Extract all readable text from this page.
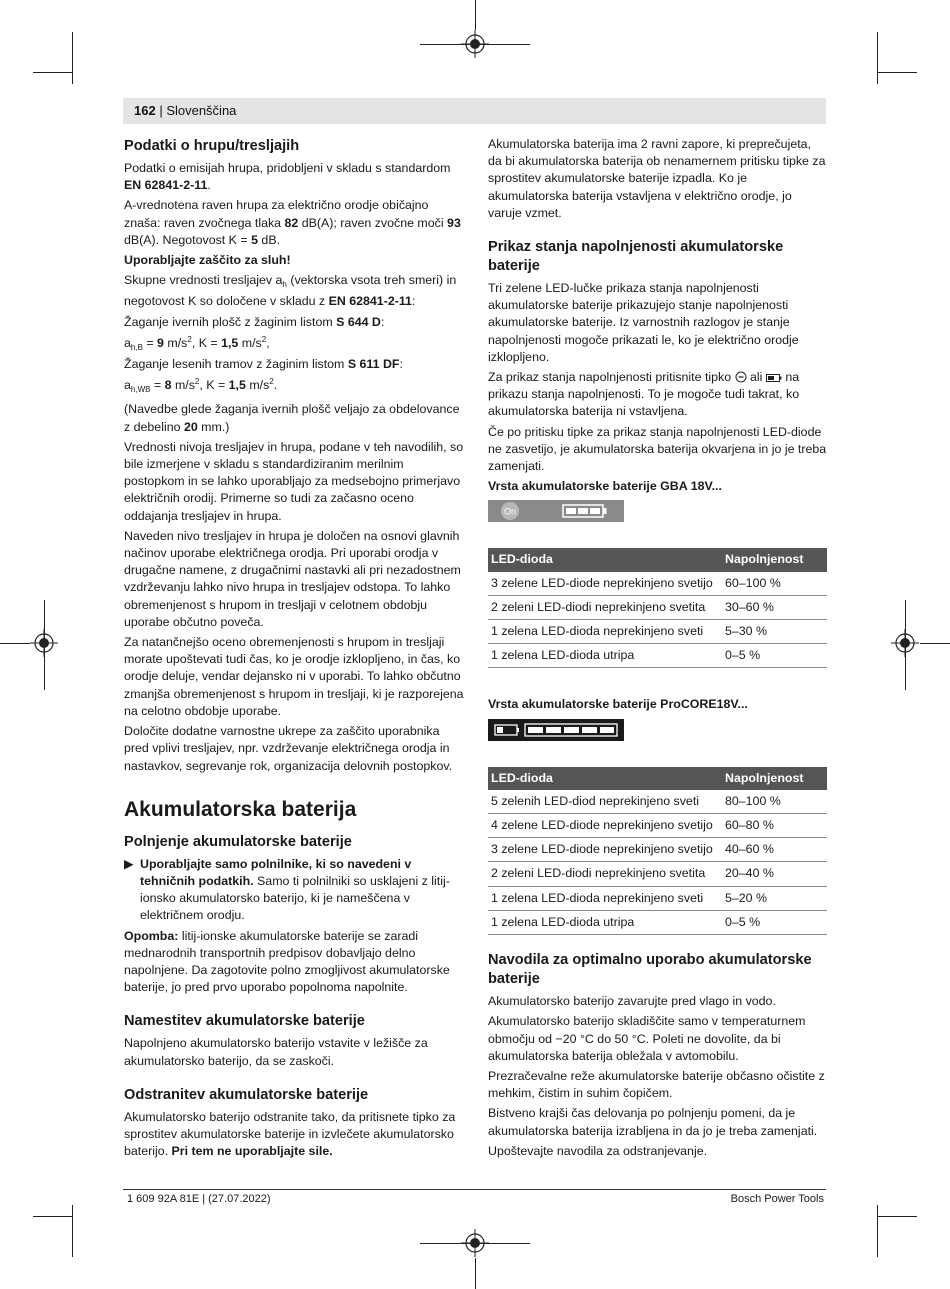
162 | Slovenščina
Podatki o hrupu/tresljajih

Podatki o emisijah hrupa, pridobljeni v skladu s standardom EN 62841-2-11.

A-vrednotena raven hrupa za električno orodje običajno znaša: raven zvočnega tlaka 82 dB(A); raven zvočne moči 93 dB(A). Negotovost K = 5 dB.

Uporabljajte zaščito za sluh!

Skupne vrednosti tresljajev $a_h$ (vektorska vsota treh smeri) in negotovost K so določene v skladu z EN 62841-2-11:

Žaganje ivernih plošč z žaginim listom S 644 D:
$a_{h,B} = 9$ $m/s^2$, K = 1,5 $m/s^2$,
Žaganje lesenih tramov z žaginim listom S 611 DF:
$a_{h,WB} = 8$ $m/s^2$, K = 1,5 $m/s^2$.

(Navedbe glede žaganja ivernih plošč veljajo za obdelovance z debelino 20 mm.)

Vrednosti nivoja tresljajev in hrupa, podane v teh navodilih, so bile izmerjene v skladu s standardiziranim merilnim postopkom in se lahko uporabljajo za medsebojno primerjavo električnih orodij. Primerne so tudi za začasno oceno oddajanja tresljajev in hrupa.

Naveden nivo tresljajev in hrupa je določen na osnovi glavnih načinov uporabe električnega orodja. Pri uporabi orodja v drugačne namene, z drugačnimi nastavki ali pri nezadostnem vzdrževanju lahko nivo hrupa in tresljajev odstopa. To lahko obremenjenost s hrupom in tresljaji v celotnem obdobju uporabe občutno poveča.

Za natančnejšo oceno obremenjenosti s hrupom in tresljaji morate upoštevati tudi čas, ko je orodje izklopljeno, in čas, ko orodje deluje, vendar dejansko ni v uporabi. To lahko občutno zmanjša obremenjenost s hrupom in tresljaji, ki je razporejena na celotno obdobje uporabe.

Določite dodatne varnostne ukrepe za zaščito uporabnika pred vplivi tresljajev, npr. vzdrževanje električnega orodja in nastavkov, segrevanje rok, organizacija delovnih postopkov.

Akumulatorska baterija
Polnjenje akumulatorske baterije

▶ Uporabljajte samo polnilnike, ki so navedeni v tehničnih podatkih. Samo ti polnilniki so usklajeni z litij-ionsko akumulatorsko baterijo, ki je nameščena v električnem orodju.

Opomba: litij-ionske akumulatorske baterije se zaradi mednarodnih transportnih predpisov dobavljajo delno napolnjene. Da zagotovite polno zmogljivost akumulatorske baterije, jo pred prvo uporabo popolnoma napolnite.

Namestitev akumulatorske baterije

Napolnjeno akumulatorsko baterijo vstavite v ležišče za akumulatorsko baterijo, da se zaskoči.

Odstranitev akumulatorske baterije

Akumulatorsko baterijo odstranite tako, da pritisnete tipko za sprostitev akumulatorske baterije in izvlečete akumulatorsko baterijo. Pri tem ne uporabljajte sile.

Akumulatorska baterija ima 2 ravni zapore, ki preprečujeta, da bi akumulatorska baterija ob nenamernem pritisku tipke za sprostitev akumulatorske baterije izpadla. Ko je akumulatorska baterija vstavljena v električno orodje, jo varuje vzmet.

Prikaz stanja napolnjenosti akumulatorske baterije

Tri zelene LED-lučke prikaza stanja napolnjenosti akumulatorske baterije prikazujejo stanje napolnjenosti akumulatorske baterije. Iz varnostnih razlogov je stanje napolnjenosti mogoče prikazati le, ko je električno orodje izklopljeno.

Za prikaz stanja napolnjenosti pritisnite tipko  ali  na prikazu stanja napolnjenosti. To je mogoče tudi takrat, ko akumulatorska baterija ni vstavljena.

Če po pritisku tipke za prikaz stanja napolnjenosti LED-diode ne zasvetijo, je akumulatorska baterija okvarjena in jo je treba zamenjati.

Vrsta akumulatorske baterije GBA 18V...
On
LED-dioda	Napolnjenost
3 zelene LED-diode neprekinjeno svetijo	60–100 %
2 zeleni LED-diodi neprekinjeno svetita	30–60 %
1 zelena LED-dioda neprekinjeno sveti	5–30 %
1 zelena LED-dioda utripa	0–5 %
Vrsta akumulatorske baterije ProCORE18V...
LED-dioda	Napolnjenost
5 zelenih LED-diod neprekinjeno sveti	80–100 %
4 zelene LED-diode neprekinjeno svetijo	60–80 %
3 zelene LED-diode neprekinjeno svetijo	40–60 %
2 zeleni LED-diodi neprekinjeno svetita	20–40 %
1 zelena LED-dioda neprekinjeno sveti	5–20 %
1 zelena LED-dioda utripa	0–5 %
Navodila za optimalno uporabo akumulatorske baterije

Akumulatorsko baterijo zavarujte pred vlago in vodo.

Akumulatorsko baterijo skladiščite samo v temperaturnem območju od −20 °C do 50 °C. Poleti ne dovolite, da bi akumulatorska baterija obležala v avtomobilu.

Prezračevalne reže akumulatorske baterije občasno očistite z mehkim, čistim in suhim čopičem.

Bistveno krajši čas delovanja po polnjenju pomeni, da je akumulatorska baterija izrabljena in da jo je treba zamenjati.

Upoštevajte navodila za odstranjevanje.

1 609 92A 81E | (27.07.2022)	Bosch Power Tools
